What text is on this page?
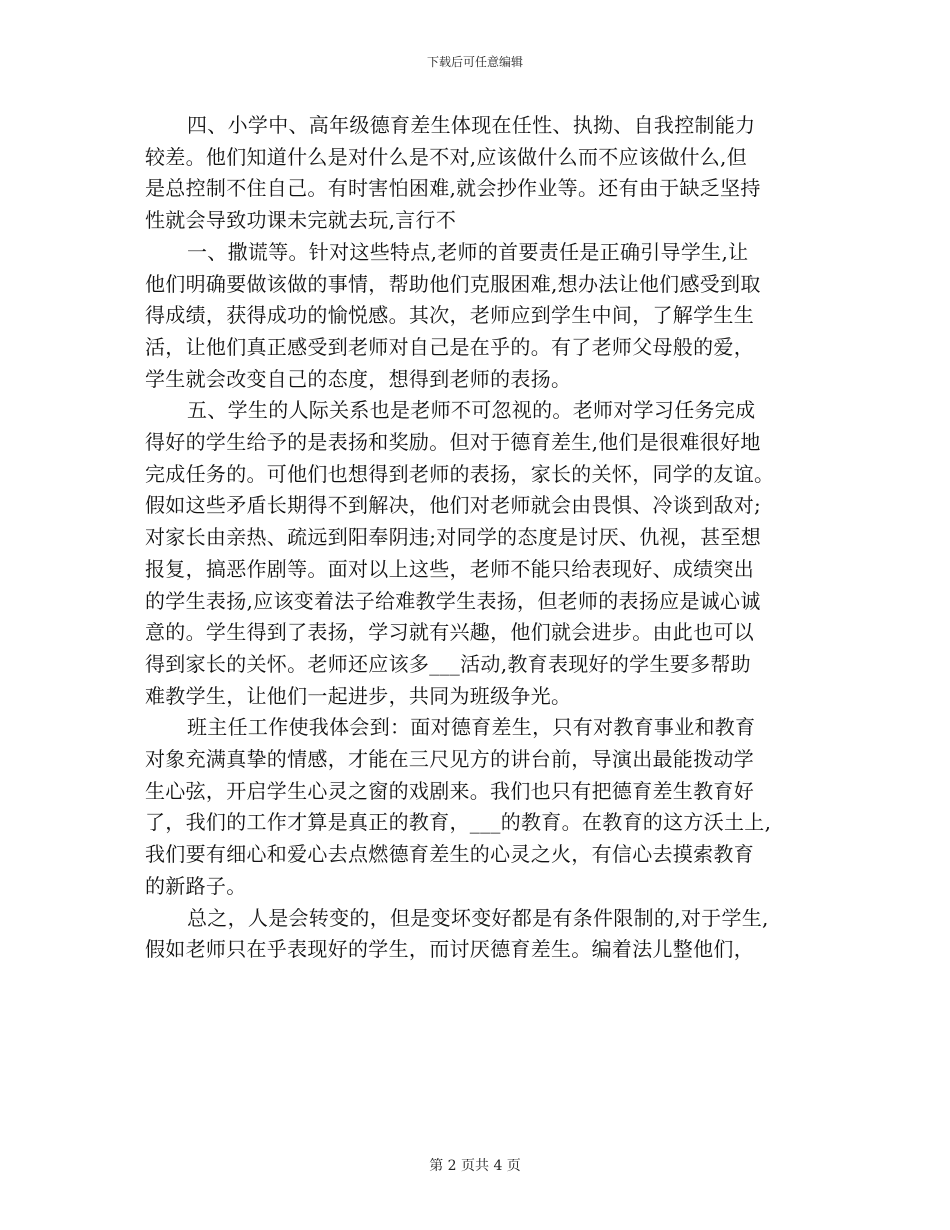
下载后可任意编辑
四、小学中、高年级德育差生体现在任性、执拗、自我控制能力
较差。他们知道什么是对什么是不对,应该做什么而不应该做什么,但
是总控制不住自己。有时害怕困难,就会抄作业等。还有由于缺乏坚持
性就会导致功课未完就去玩,言行不
一、撒谎等。针对这些特点,老师的首要责任是正确引导学生,让
他们明确要做该做的事情，帮助他们克服困难,想办法让他们感受到取
得成绩，获得成功的愉悦感。其次，老师应到学生中间，了解学生生
活，让他们真正感受到老师对自己是在乎的。有了老师父母般的爱，
学生就会改变自己的态度，想得到老师的表扬。
五、学生的人际关系也是老师不可忽视的。老师对学习任务完成
得好的学生给予的是表扬和奖励。但对于德育差生,他们是很难很好地
完成任务的。可他们也想得到老师的表扬，家长的关怀，同学的友谊。
假如这些矛盾长期得不到解决，他们对老师就会由畏惧、冷谈到敌对;
对家长由亲热、疏远到阳奉阴违;对同学的态度是讨厌、仇视，甚至想
报复，搞恶作剧等。面对以上这些，老师不能只给表现好、成绩突出
的学生表扬,应该变着法子给难教学生表扬，但老师的表扬应是诚心诚
意的。学生得到了表扬，学习就有兴趣，他们就会进步。由此也可以
得到家长的关怀。老师还应该多___活动,教育表现好的学生要多帮助
难教学生，让他们一起进步，共同为班级争光。
班主任工作使我体会到：面对德育差生，只有对教育事业和教育
对象充满真挚的情感，才能在三尺见方的讲台前，导演出最能拨动学
生心弦，开启学生心灵之窗的戏剧来。我们也只有把德育差生教育好
了，我们的工作才算是真正的教育，___的教育。在教育的这方沃土上,
我们要有细心和爱心去点燃德育差生的心灵之火，有信心去摸索教育
的新路子。
总之，人是会转变的，但是变坏变好都是有条件限制的,对于学生,
假如老师只在乎表现好的学生，而讨厌德育差生。编着法儿整他们，
第 2 页共 4 页
